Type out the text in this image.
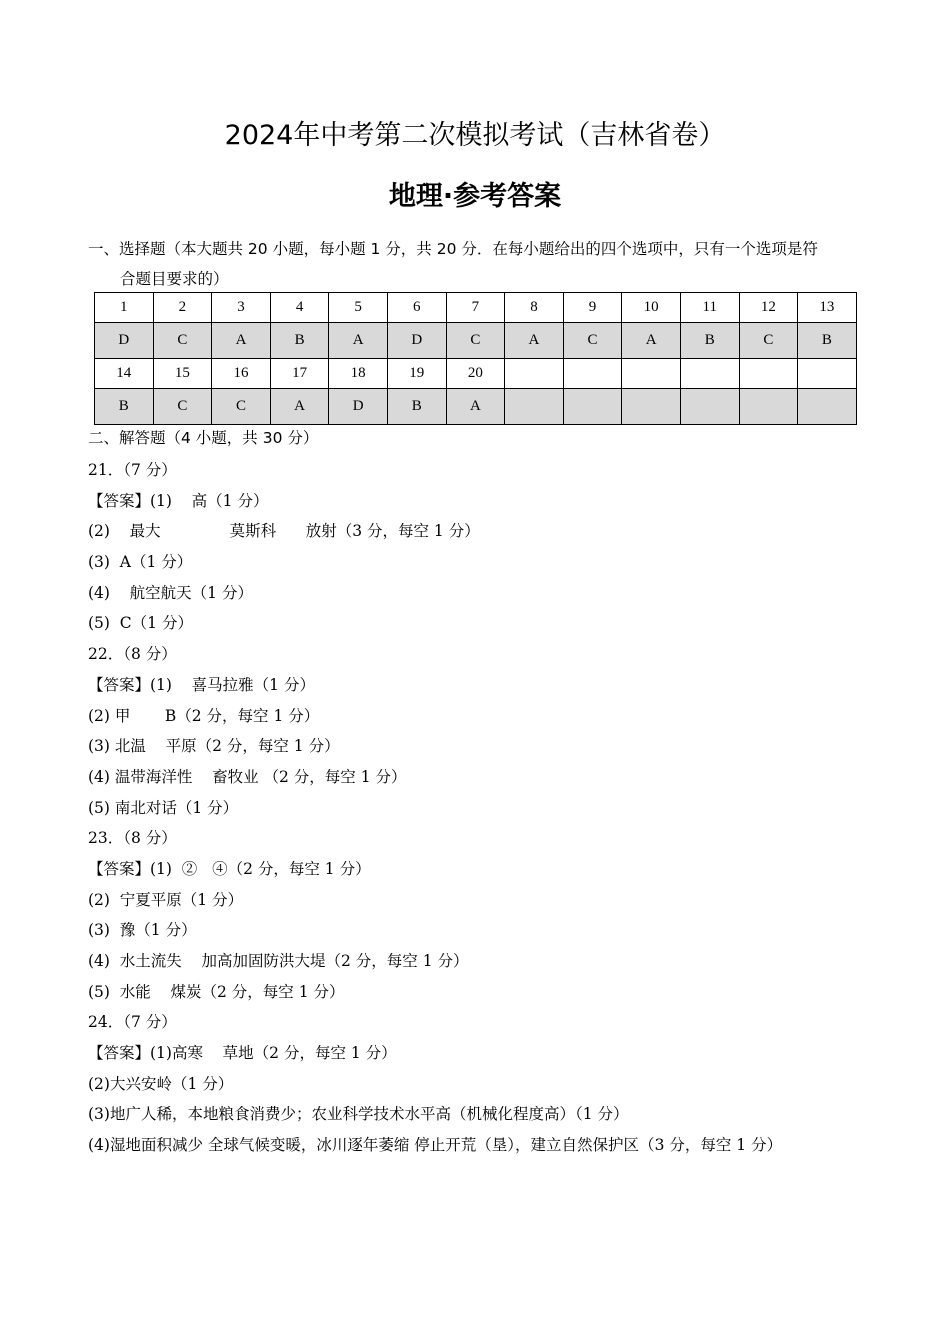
2024年中考第二次模拟考试（吉林省卷）
地理·参考答案
一、选择题（本大题共 20 小题，每小题 1 分，共 20 分．在每小题给出的四个选项中，只有一个选项是符
合题目要求的）
1	2	3	4	5	6	7	8	9	10	11	12	13
D	C	A	B	A	D	C	A	C	A	B	C	B
14	15	16	17	18	19	20						
B	C	C	A	D	B	A						
二、解答题（4 小题，共 30 分）
21．（7 分）
【答案】(1)    高（1 分）
(2)    最大              莫斯科      放射（3 分，每空 1 分）
(3)  A（1 分）
(4)    航空航天（1 分）
(5)  C（1 分）
22．（8 分）
【答案】(1)    喜马拉雅（1 分）
(2) 甲       B（2 分，每空 1 分）
(3) 北温    平原（2 分，每空 1 分）
(4) 温带海洋性    畜牧业 （2 分，每空 1 分）
(5) 南北对话（1 分）
23．（8 分）
【答案】(1)  ②   ④（2 分，每空 1 分）
(2)  宁夏平原（1 分）
(3)  豫（1 分）
(4)  水土流失    加高加固防洪大堤（2 分，每空 1 分）
(5)  水能    煤炭（2 分，每空 1 分）
24．（7 分）
【答案】(1)高寒    草地（2 分，每空 1 分）
(2)大兴安岭（1 分）
(3)地广人稀，本地粮食消费少；农业科学技术水平高（机械化程度高）（1 分）
(4)湿地面积减少 全球气候变暖，冰川逐年萎缩 停止开荒（垦），建立自然保护区（3 分，每空 1 分）
